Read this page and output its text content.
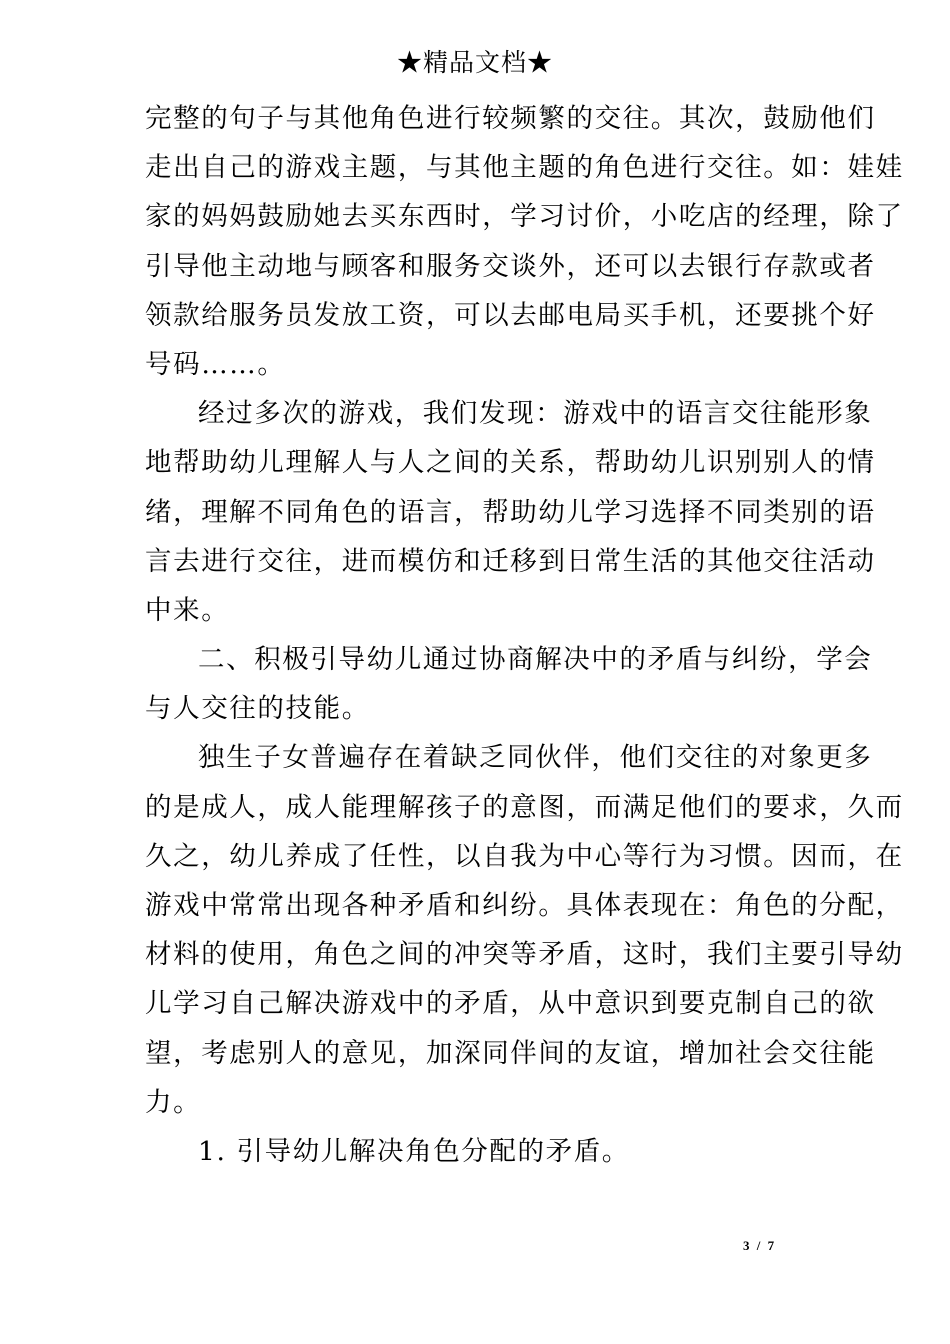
★精品文档★
完整的句子与其他角色进行较频繁的交往。其次，鼓励他们
走出自己的游戏主题，与其他主题的角色进行交往。如：娃娃
家的妈妈鼓励她去买东西时，学习讨价，小吃店的经理，除了
引导他主动地与顾客和服务交谈外，还可以去银行存款或者
领款给服务员发放工资，可以去邮电局买手机，还要挑个好
号码……。
经过多次的游戏，我们发现：游戏中的语言交往能形象
地帮助幼儿理解人与人之间的关系，帮助幼儿识别别人的情
绪，理解不同角色的语言，帮助幼儿学习选择不同类别的语
言去进行交往，进而模仿和迁移到日常生活的其他交往活动
中来。
二、积极引导幼儿通过协商解决中的矛盾与纠纷，学会
与人交往的技能。
独生子女普遍存在着缺乏同伙伴，他们交往的对象更多
的是成人，成人能理解孩子的意图，而满足他们的要求，久而
久之，幼儿养成了任性，以自我为中心等行为习惯。因而，在
游戏中常常出现各种矛盾和纠纷。具体表现在：角色的分配，
材料的使用，角色之间的冲突等矛盾，这时，我们主要引导幼
儿学习自己解决游戏中的矛盾，从中意识到要克制自己的欲
望，考虑别人的意见，加深同伴间的友谊，增加社会交往能
力。
1. 引导幼儿解决角色分配的矛盾。
3 / 7
